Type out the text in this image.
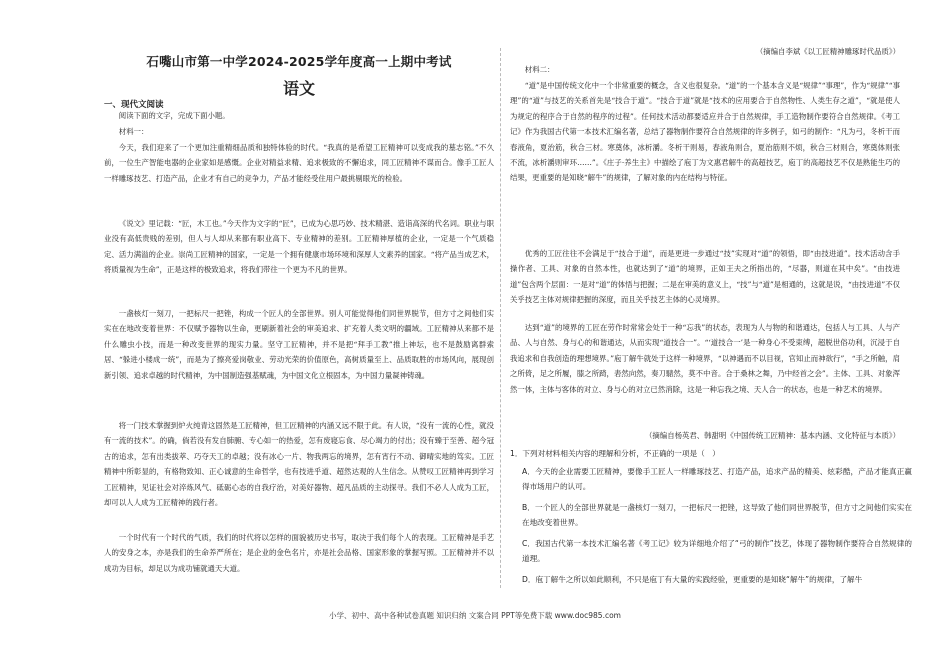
石嘴山市第一中学2024-2025学年度高一上期中考试
语文
一、现代文阅读
阅读下面的文字，完成下面小题。
材料一：
今天，我们迎来了一个更加注重精细品质和独特体验的时代。“我真的是希望工匠精神可以变成我的墓志铭。”不久前，一位生产智能电器的企业家如是感慨。企业对精益求精、追求极致的不懈追求，同工匠精神不谋而合。像手工匠人一样雕琢技艺、打造产品，企业才有自己的竞争力，产品才能经受住用户最挑剔眼光的检验。
《说文》里记载：“匠，木工也。”今天作为文字的“匠”，已成为心思巧妙、技术精湛、造诣高深的代名词。职业与职业没有高低贵贱的差别，但人与人却从来都有职业高下、专业精神的差别。工匠精神厚植的企业，一定是一个气质稳定、活力满溢的企业。崇尚工匠精神的国家，一定是一个拥有健康市场环境和深厚人文素养的国家。“将产品当成艺术，将质量视为生命”，正是这样的极致追求，将我们带往一个更为不凡的世界。
一盏核灯一刻刀，一把标尺一把锉，构成一个匠人的全部世界。别人可能觉得他们同世界脱节，但方寸之间他们实实在在地改变着世界：不仅赋予器物以生命，更刷新着社会的审美追求、扩充着人类文明的疆域。工匠精神从来都不是什么雕虫小技，而是一种改变世界的现实力量。坚守工匠精神，并不是把“拜手工教”推上神坛，也不是鼓励离群索居、“躲进小楼成一统”，而是为了擦亮爱岗敬业、劳动光荣的价值原色，高树质量至上、品质取胜的市场风向，展现创新引领、追求卓越的时代精神，为中国制造强基赋魂，为中国文化立根固本，为中国力量凝神铸魂。
将一门技术掌握到炉火纯青这固然是工匠精神，但工匠精神的内涵又远不限于此。有人说，“没有一流的心性，就没有一流的技术”。的确，倘若没有发自肺腑、专心如一的热爱，怎有废寝忘食、尽心竭力的付出；没有臻于至善、超今冠古的追求，怎有出类拔萃、巧夺天工的卓越；没有冰心一片、物我两忘的境界，怎有宵行不动、御晴实地的笃实。工匠精神中所彰显的，有格物致知、正心诚意的生命哲学，也有技进乎道、超然达观的人生信念。从赞叹工匠精神再到学习工匠精神，见证社会对淬炼风气、砥砺心态的自我疗治，对美好器物、超凡品质的主动探寻。我们不必人人成为工匠，却可以人人成为工匠精神的践行者。
一个时代有一个时代的气质，我们的时代将以怎样的面貌被历史书写，取决于我们每个人的表现。工匠精神是手艺人的安身之本，亦是我们的生命养严所在；是企业的金色名片，亦是社会品格、国家形象的掌握写照。工匠精神并不以成功为目标，却足以为成功铺就通天大道。
（摘编自李斌《以工匠精神雕琢时代品质》）
材料二：
“道”是中国传统文化中一个非常重要的概念，含义也很复杂。“道”的一个基本含义是“规律”“事理”，作为“规律”“事理”的“道”与技艺的关系首先是“技合于道”。“技合于道”就是“技术的应用要合于自然物性、人类生存之道”，“就是使人为规定的程序合于自然的程序的过程”。任何技术活动都要适应并合于自然规律，手工造物制作要符合自然规律。《考工记》作为我国古代第一本技术汇编名著，总结了器物制作要符合自然规律的许多例子，如弓的制作：“凡为弓，冬析干而春液角，夏治筋，秋合三材。寒奠体，冰析灂。冬析干则易，春液角则合，夏治筋则不烦，秋合三材则合，寒奠体则张不流，冰析灂则审环……”。《庄子·养生主》中描绘了庖丁为文惠君解牛的高超技艺，庖丁的高超技艺不仅是熟能生巧的结果，更重要的是知晓“解牛”的规律，了解对象的内在结构与特征。
优秀的工匠往往不会满足于“技合于道”，而是更进一步通过“技”实现对“道”的领悟，即“由技进道”。技术活动含手操作者、工具、对象的自然本性，也就达到了“道”的境界，正如王夫之所指出的，“尽器，则道在其中矣”。“由技进道”包含两个层面：一是对“道”的体悟与把握；二是在审美的意义上，“技”与“道”是相通的，这就是说，“由技进道”不仅关乎技艺主体对规律把握的深度，而且关乎技艺主体的心灵境界。
达到“道”的境界的工匠在劳作时常常会处于一种“忘我”的状态，表现为人与物的和谐通达，包括人与工具、人与产品、人与自然、身与心的和谐通达，从而实现“道技合一”。“‘道技合一’是一种身心不受束缚，超脱世俗功利，沉浸于自我追求和自我创造的理想境界。”庖丁解牛就处于这样一种境界，“以神遇而不以目视，官知止而神欲行”，“手之所触，肩之所倚，足之所履，膝之所踦，砉然向然，奏刀騞然，莫不中音。合于桑林之舞，乃中经首之会”。主体、工具、对象浑然一体，主体与客体的对立、身与心的对立已然消除，这是一种忘我之境、天人合一的状态，也是一种艺术的境界。
（摘编自杨英君、韩甜明《中国传统工匠精神：基本内涵、文化特征与本质》）
1．下列对材料相关内容的理解和分析，不正确的一项是（　）
A．今天的企业需要工匠精神，要像手工匠人一样雕琢技艺、打造产品，追求产品的精美、炫彩酷，产品才能真正赢得市场用户的认可。
B．一个匠人的全部世界就是一盏核灯一刻刀，一把标尺一把锉，这导致了他们同世界脱节，但方寸之间他们实实在在地改变着世界。
C．我国古代第一本技术汇编名著《考工记》较为详细地介绍了“弓的制作”技艺，体现了器物制作要符合自然规律的道理。
D．庖丁解牛之所以如此顺利，不只是庖丁有大量的实践经验，更重要的是知晓“解牛”的规律，了解牛
小学、初中、高中各种试卷真题 知识归纳 文案合同 PPT等免费下载 www.doc985.com
